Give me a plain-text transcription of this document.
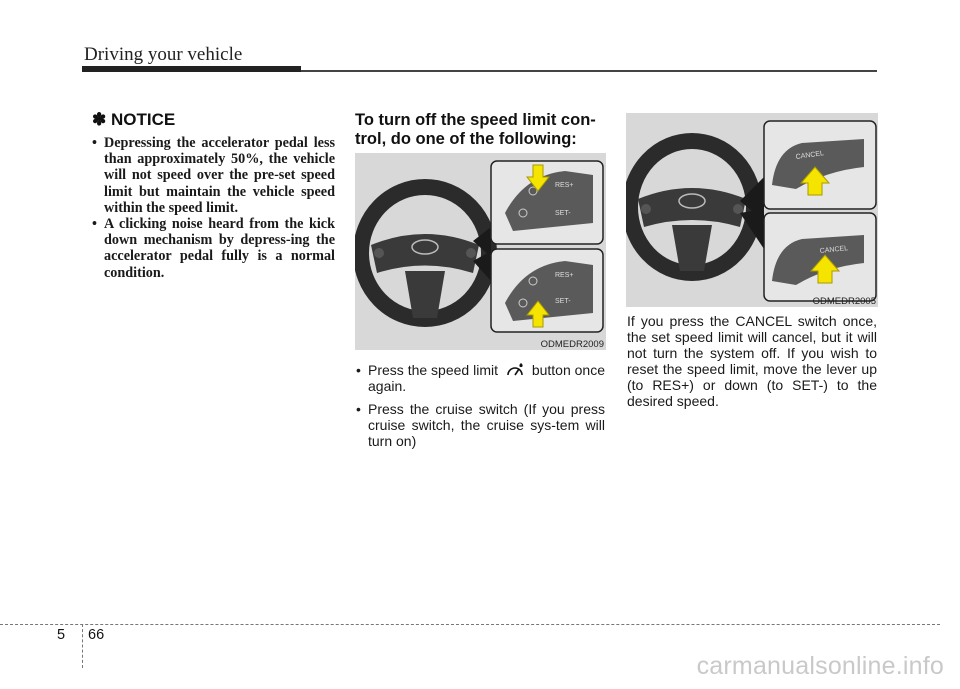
Driving your vehicle
✽ NOTICE
• Depressing the accelerator pedal less than approximately 50%, the vehicle will not speed over the pre-set speed limit but maintain the vehicle speed within the speed limit.
• A clicking noise heard from the kick down mechanism by depress-ing the accelerator pedal fully is a normal condition.
To turn off the speed limit con-trol, do one of the following:
RES+
SET-
RES+
SET-
ODMEDR2009
• Press the speed limit button once again.
• Press the cruise switch (If you press cruise switch, the cruise sys-tem will turn on)
CANCEL
CANCEL
ODMEDR2005

If you press the CANCEL switch once, the set speed limit will cancel, but it will not turn the system off. If you wish to reset the speed limit, move the lever up (to RES+) or down (to SET-) to the desired speed.

5 66
carmanualsonline.info
